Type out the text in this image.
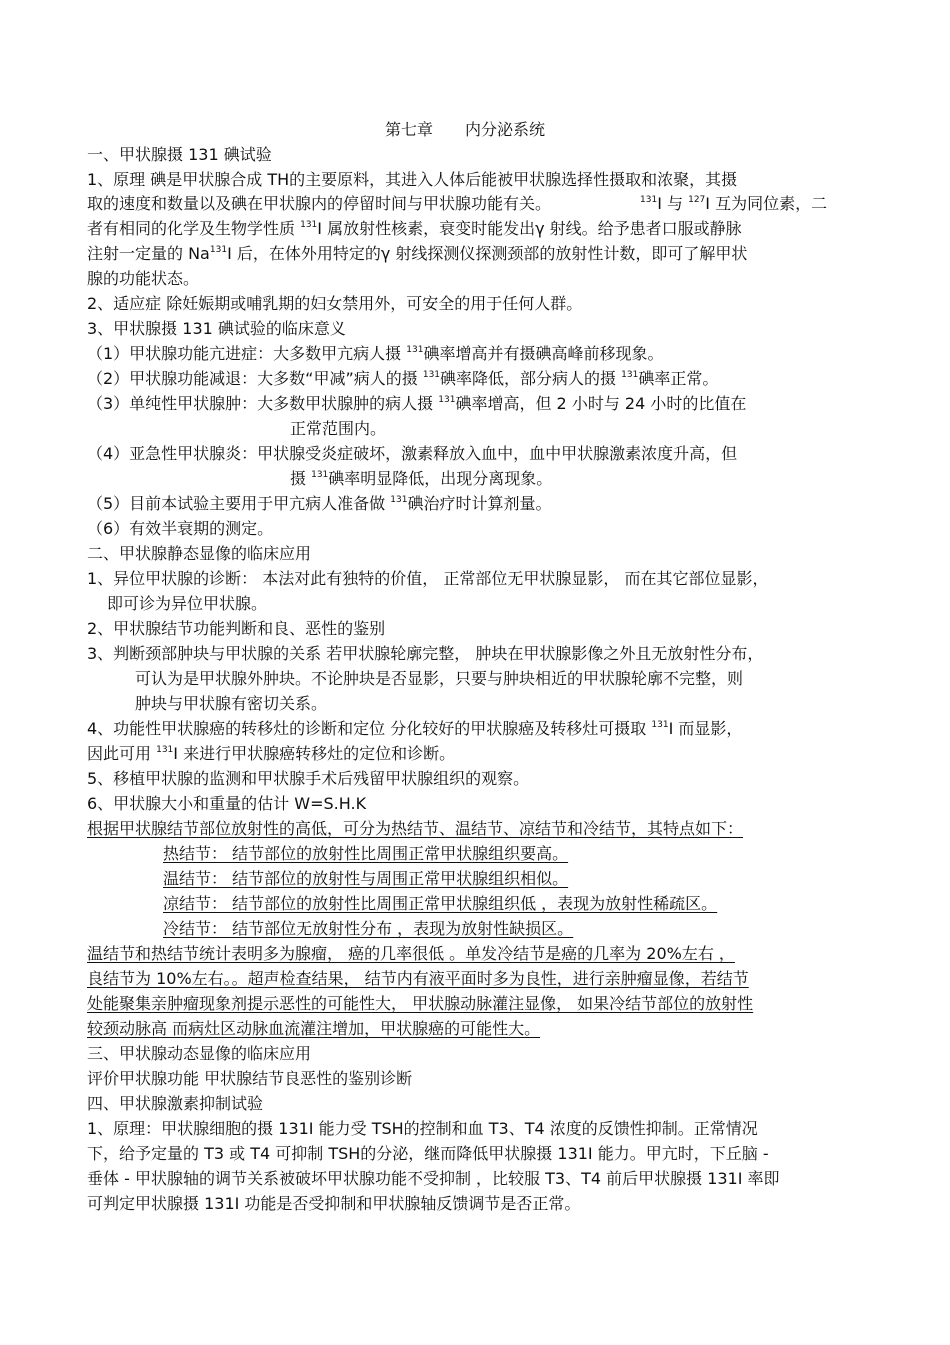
第七章　　内分泌系统
一、甲状腺摄 131 碘试验
1、原理 碘是甲状腺合成 TH的主要原料，其进入人体后能被甲状腺选择性摄取和浓聚，其摄
取的速度和数量以及碘在甲状腺内的停留时间与甲状腺功能有关。	$^{131}$I 与 $^{127}$I 互为同位素，二
者有相同的化学及生物学性质 $^{131}$I 属放射性核素，衰变时能发出γ 射线。给予患者口服或静脉
注射一定量的 Na$^{131}$I 后，在体外用特定的γ 射线探测仪探测颈部的放射性计数，即可了解甲状
腺的功能状态。
2、适应症 除妊娠期或哺乳期的妇女禁用外，可安全的用于任何人群。
3、甲状腺摄 131 碘试验的临床意义
（1）甲状腺功能亢进症：大多数甲亢病人摄 $^{131}$碘率增高并有摄碘高峰前移现象。
（2）甲状腺功能减退：大多数“甲减”病人的摄 $^{131}$碘率降低，部分病人的摄 $^{131}$碘率正常。
（3）单纯性甲状腺肿：大多数甲状腺肿的病人摄 $^{131}$碘率增高，但 2 小时与 24 小时的比值在
正常范围内。
（4）亚急性甲状腺炎：甲状腺受炎症破坏，激素释放入血中，血中甲状腺激素浓度升高，但
摄 $^{131}$碘率明显降低，出现分离现象。
（5）目前本试验主要用于甲亢病人准备做 $^{131}$碘治疗时计算剂量。
（6）有效半衰期的测定。
二、甲状腺静态显像的临床应用
1、异位甲状腺的诊断： 本法对此有独特的价值， 正常部位无甲状腺显影， 而在其它部位显影，
即可诊为异位甲状腺。
2、甲状腺结节功能判断和良、恶性的鉴别
3、判断颈部肿块与甲状腺的关系 若甲状腺轮廓完整， 肿块在甲状腺影像之外且无放射性分布，
可认为是甲状腺外肿块。不论肿块是否显影，只要与肿块相近的甲状腺轮廓不完整，则
肿块与甲状腺有密切关系。
4、功能性甲状腺癌的转移灶的诊断和定位 分化较好的甲状腺癌及转移灶可摄取 $^{131}$I 而显影，
因此可用 $^{131}$I 来进行甲状腺癌转移灶的定位和诊断。
5、移植甲状腺的监测和甲状腺手术后残留甲状腺组织的观察。
6、甲状腺大小和重量的估计 W=S.H.K
根据甲状腺结节部位放射性的高低，可分为热结节、温结节、凉结节和冷结节，其特点如下：
热结节： 结节部位的放射性比周围正常甲状腺组织要高。
温结节： 结节部位的放射性与周围正常甲状腺组织相似。
凉结节： 结节部位的放射性比周围正常甲状腺组织低 ，表现为放射性稀疏区。
冷结节： 结节部位无放射性分布 ，表现为放射性缺损区。
温结节和热结节统计表明多为腺瘤， 癌的几率很低 。单发冷结节是癌的几率为 20%左右 ，
良结节为 10%左右。。超声检查结果， 结节内有液平面时多为良性，进行亲肿瘤显像，若结节
处能聚集亲肿瘤现象剂提示恶性的可能性大， 甲状腺动脉灌注显像， 如果冷结节部位的放射性
较颈动脉高 而病灶区动脉血流灌注增加，甲状腺癌的可能性大。
三、甲状腺动态显像的临床应用
评价甲状腺功能 甲状腺结节良恶性的鉴别诊断
四、甲状腺激素抑制试验
1、原理：甲状腺细胞的摄 131I 能力受 TSH的控制和血 T3、T4 浓度的反馈性抑制。正常情况
下，给予定量的 T3 或 T4 可抑制 TSH的分泌，继而降低甲状腺摄 131I 能力。甲亢时，下丘脑 -
垂体 - 甲状腺轴的调节关系被破坏甲状腺功能不受抑制 ，比较服 T3、T4 前后甲状腺摄 131I 率即
可判定甲状腺摄 131I 功能是否受抑制和甲状腺轴反馈调节是否正常。
